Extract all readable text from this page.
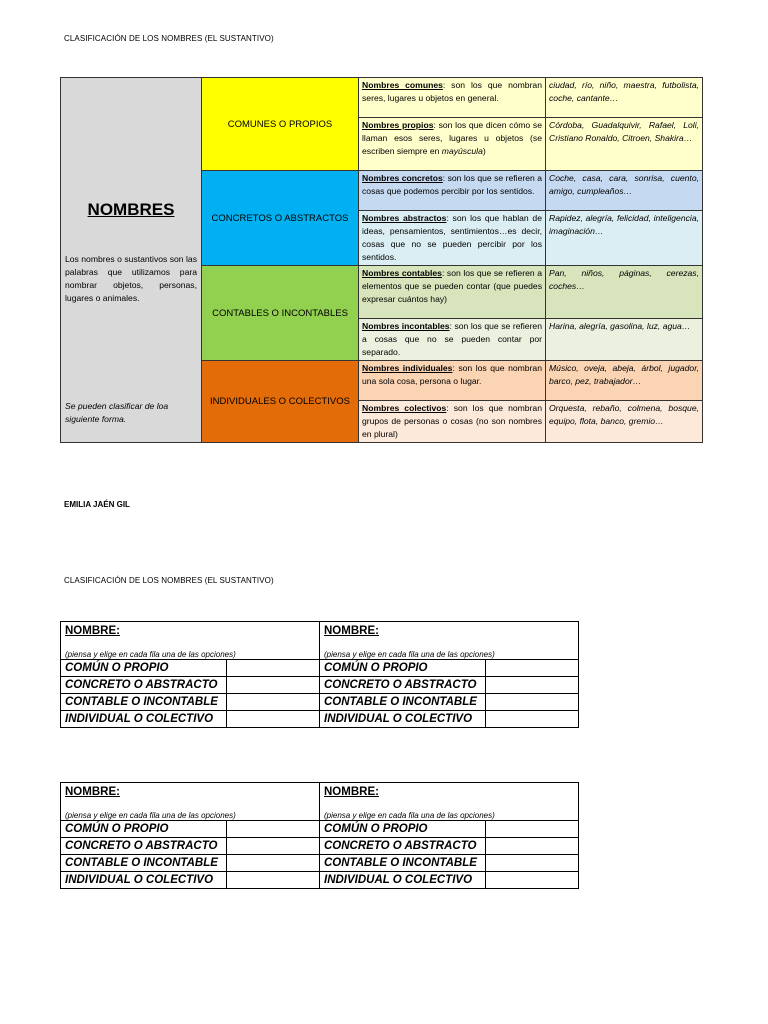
CLASIFICACIÓN DE LOS NOMBRES (EL SUSTANTIVO)
NOMBRES
Los nombres o sustantivos son las palabras que utilizamos para nombrar objetos, personas, lugares o animales.
Se pueden clasificar de loa siguiente forma.	COMUNES O PROPIOS	Nombres comunes: son los que nombran seres, lugares u objetos en general.	ciudad, río, niño, maestra, futbolista, coche, cantante…
		Nombres propios: son los que dicen cómo se llaman esos seres, lugares u objetos (se escriben siempre en mayúscula)	Córdoba, Guadalquivir, Rafael, Loli, Cristiano Ronaldo, Citroen, Shakira…
	CONCRETOS O ABSTRACTOS	Nombres concretos: son los que se refieren a cosas que podemos percibir por los sentidos.	Coche, casa, cara, sonrisa, cuento, amigo, cumpleaños…
		Nombres abstractos: son los que hablan de ideas, pensamientos, sentimientos…es decir, cosas que no se pueden percibir por los sentidos.	Rapidez, alegría, felicidad, inteligencia, imaginación…
	CONTABLES O INCONTABLES	Nombres contables: son los que se refieren a elementos que se pueden contar (que puedes expresar cuántos hay)	Pan, niños, páginas, cerezas, coches…
		Nombres incontables: son los que se refieren a cosas que no se pueden contar por separado.	Harina, alegría, gasolina, luz, agua…
	INDIVIDUALES O COLECTIVOS	Nombres individuales: son los que nombran una sola cosa, persona o lugar.	Músico, oveja, abeja, árbol, jugador, barco, pez, trabajador…
		Nombres colectivos: son los que nombran grupos de personas o cosas (no son nombres en plural)	Orquesta, rebaño, colmena, bosque, equipo, flota, banco, gremio…
EMILIA JAÉN GIL
CLASIFICACIÓN DE LOS NOMBRES (EL SUSTANTIVO)
NOMBRE:
(piensa y elige en cada fila una de las opciones)		NOMBRE:
(piensa y elige en cada fila una de las opciones)	

COMÚN O PROPIO		COMÚN O PROPIO	
CONCRETO O ABSTRACTO		CONCRETO O ABSTRACTO	
CONTABLE O INCONTABLE		CONTABLE O INCONTABLE	
INDIVIDUAL O COLECTIVO		INDIVIDUAL O COLECTIVO	
NOMBRE:
(piensa y elige en cada fila una de las opciones)		NOMBRE:
(piensa y elige en cada fila una de las opciones)	

COMÚN O PROPIO		COMÚN O PROPIO	
CONCRETO O ABSTRACTO		CONCRETO O ABSTRACTO	
CONTABLE O INCONTABLE		CONTABLE O INCONTABLE	
INDIVIDUAL O COLECTIVO		INDIVIDUAL O COLECTIVO	
